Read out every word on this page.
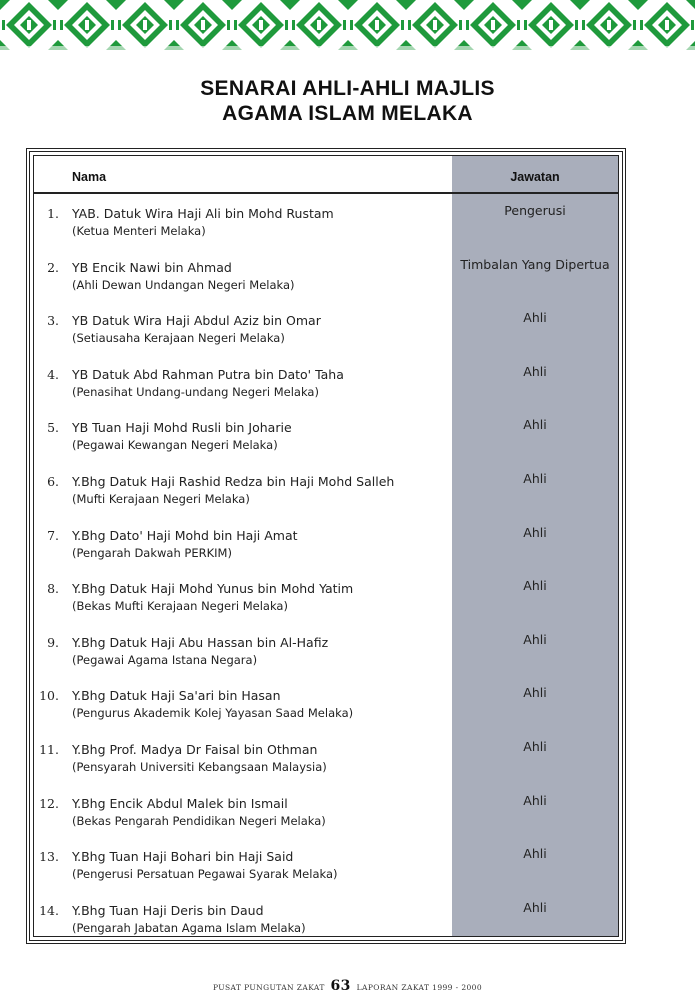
SENARAI AHLI-AHLI MAJLIS
AGAMA ISLAM MELAKA
Nama	Jawatan
1. YAB. Datuk Wira Haji Ali bin Mohd Rustam
(Ketua Menteri Melaka)
Pengerusi
2. YB Encik Nawi bin Ahmad
(Ahli Dewan Undangan Negeri Melaka)
Timbalan Yang Dipertua
3. YB Datuk Wira Haji Abdul Aziz bin Omar
(Setiausaha Kerajaan Negeri Melaka)
Ahli
4. YB Datuk Abd Rahman Putra bin Dato' Taha
(Penasihat Undang-undang Negeri Melaka)
Ahli
5. YB Tuan Haji Mohd Rusli bin Joharie
(Pegawai Kewangan Negeri Melaka)
Ahli
6. Y.Bhg Datuk Haji Rashid Redza bin Haji Mohd Salleh
(Mufti Kerajaan Negeri Melaka)
Ahli
7. Y.Bhg Dato' Haji Mohd bin Haji Amat
(Pengarah Dakwah PERKIM)
Ahli
8. Y.Bhg Datuk Haji Mohd Yunus bin Mohd Yatim
(Bekas Mufti Kerajaan Negeri Melaka)
Ahli
9. Y.Bhg Datuk Haji Abu Hassan bin Al-Hafiz
(Pegawai Agama Istana Negara)
Ahli
10. Y.Bhg Datuk Haji Sa'ari bin Hasan
(Pengurus Akademik Kolej Yayasan Saad Melaka)
Ahli
11. Y.Bhg Prof. Madya Dr Faisal bin Othman
(Pensyarah Universiti Kebangsaan Malaysia)
Ahli
12. Y.Bhg Encik Abdul Malek bin Ismail
(Bekas Pengarah Pendidikan Negeri Melaka)
Ahli
13. Y.Bhg Tuan Haji Bohari bin Haji Said
(Pengerusi Persatuan Pegawai Syarak Melaka)
Ahli
14. Y.Bhg Tuan Haji Deris bin Daud
(Pengarah Jabatan Agama Islam Melaka)
Ahli
PUSAT PUNGUTAN ZAKAT 63 LAPORAN ZAKAT 1999 - 2000
